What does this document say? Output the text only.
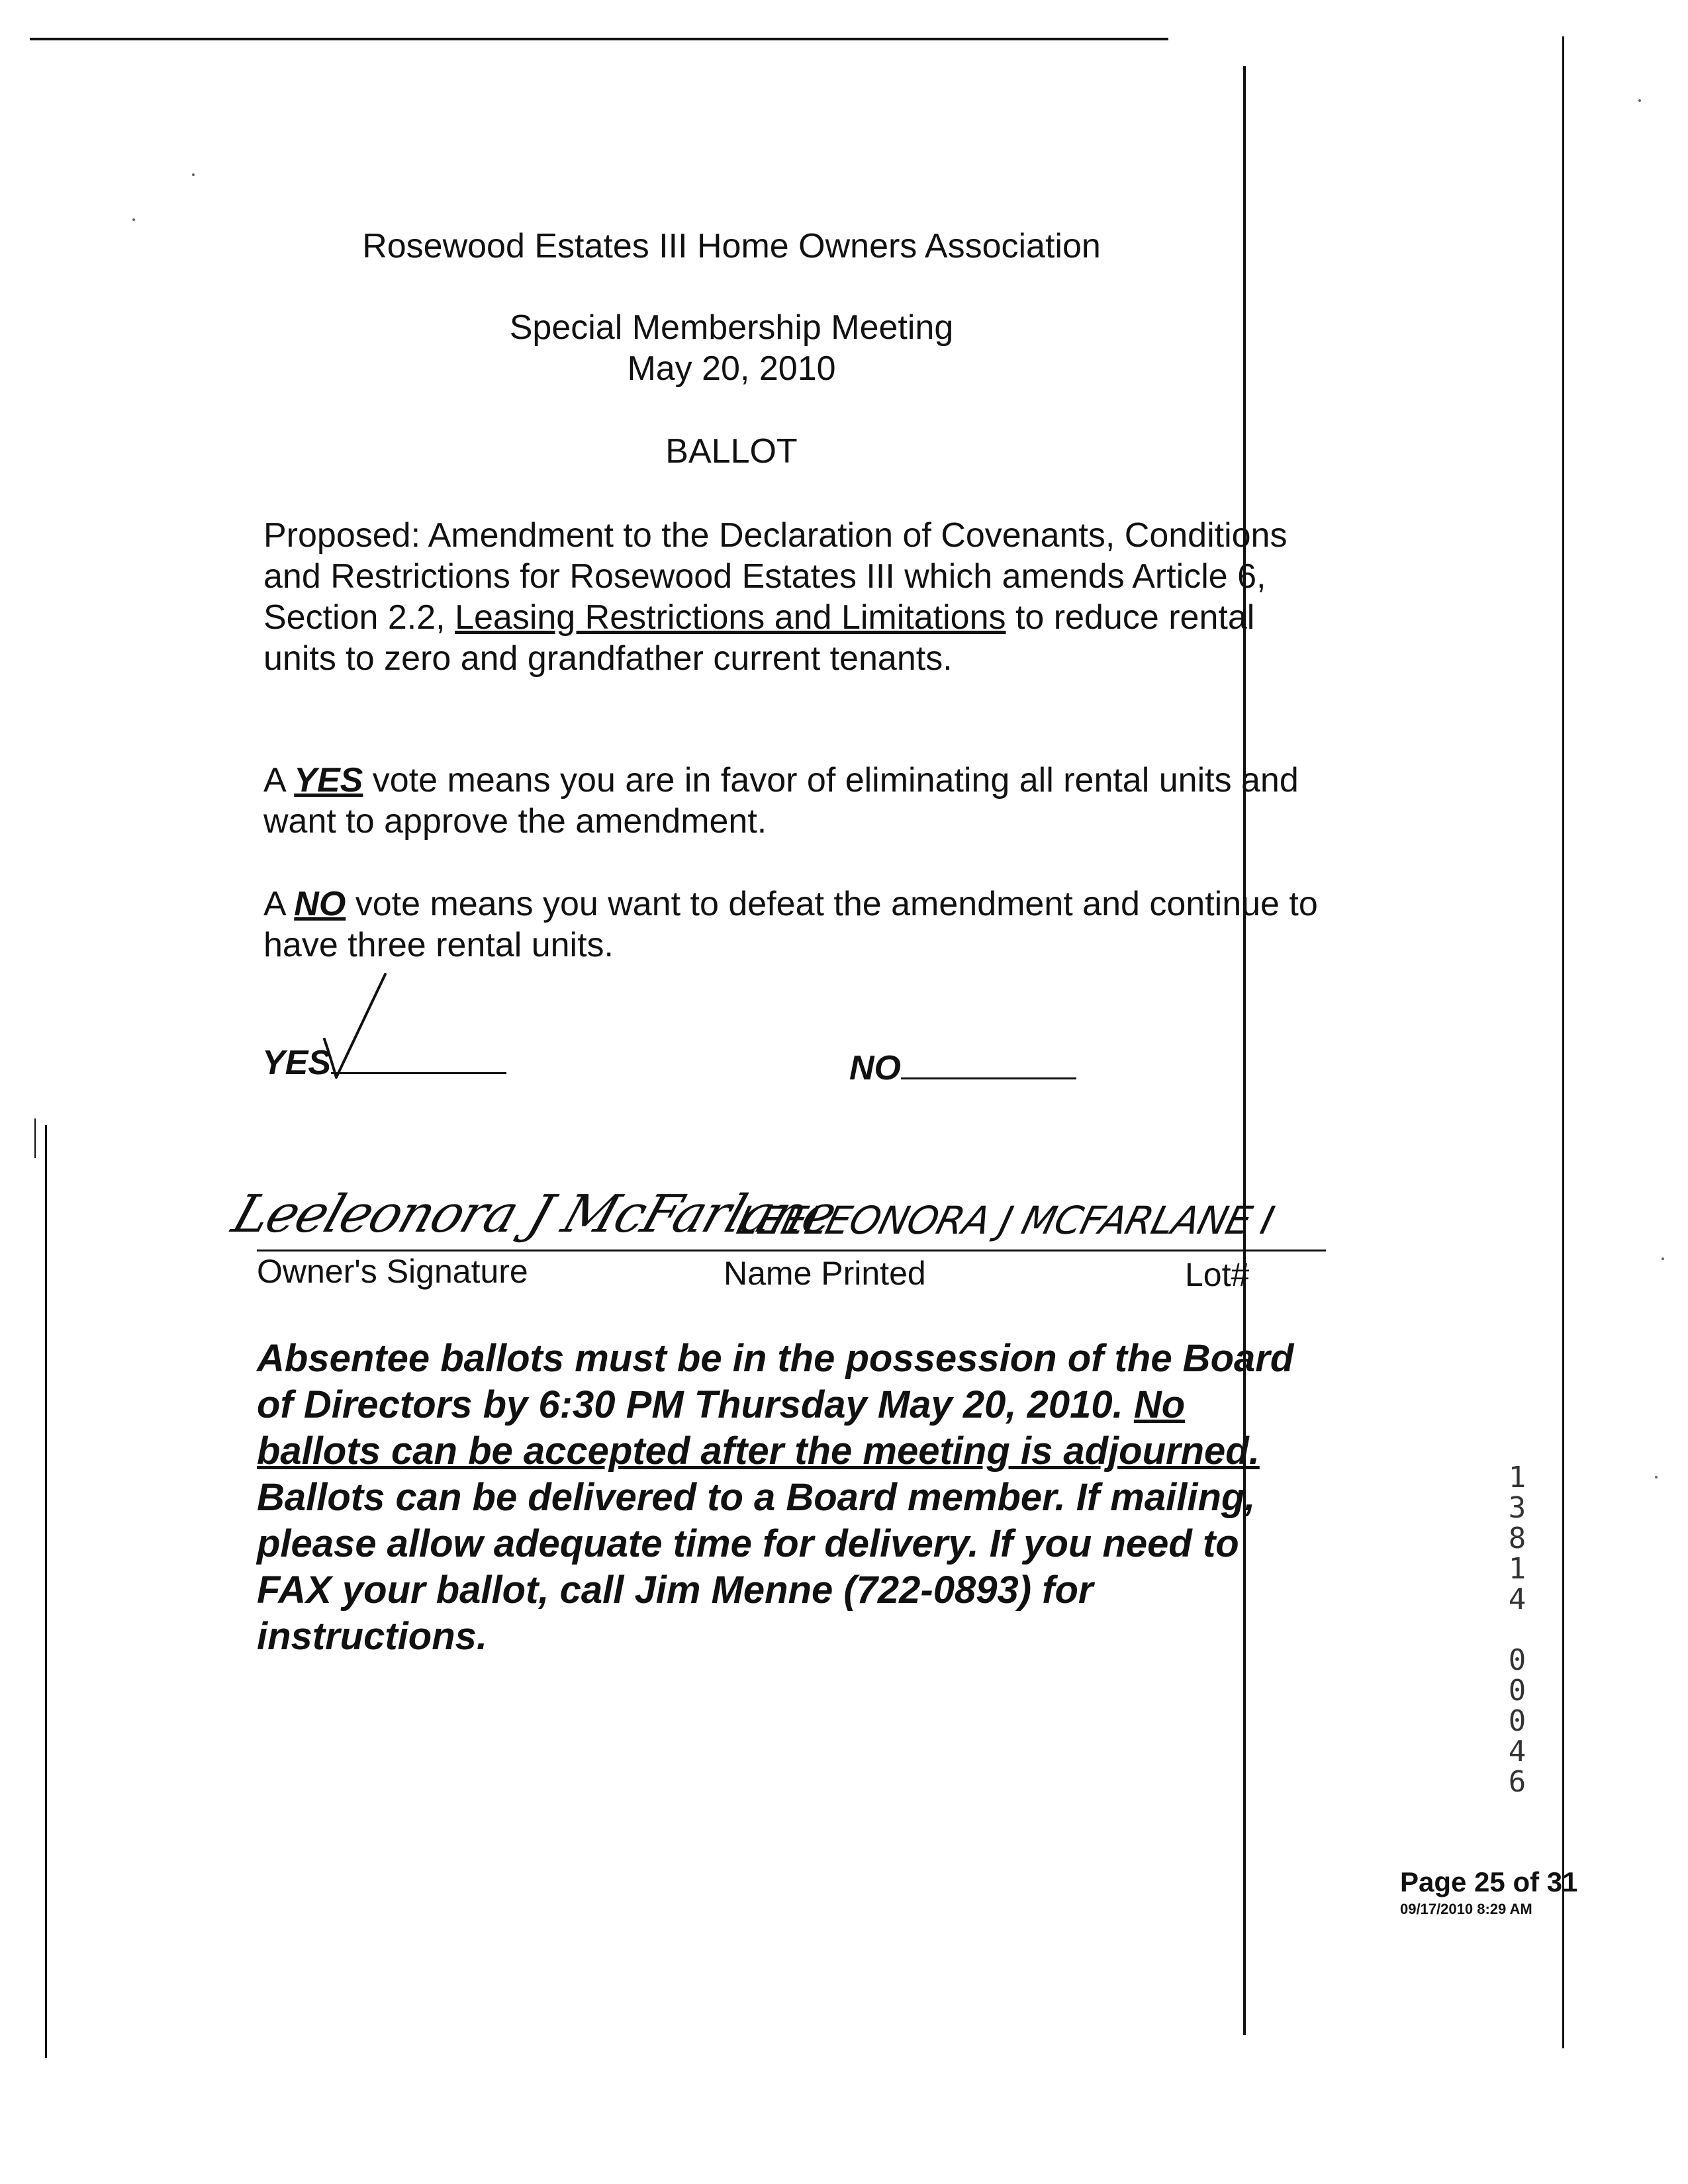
Rosewood Estates III Home Owners Association
Special Membership Meeting
May 20, 2010
BALLOT
Proposed: Amendment to the Declaration of Covenants, Conditions
and Restrictions for Rosewood Estates III which amends Article 6,
Section 2.2, Leasing Restrictions and Limitations to reduce rental
units to zero and grandfather current tenants.
A YES vote means you are in favor of eliminating all rental units and
want to approve the amendment.
A NO vote means you want to defeat the amendment and continue to
have three rental units.
YES	NO
Leeleonora J McFarlane
LEELEONORA J MCFARLANE I
Owner's Signature	Name Printed	Lot#
Absentee ballots must be in the possession of the Board
of Directors by 6:30 PM Thursday May 20, 2010. No
ballots can be accepted after the meeting is adjourned.
Ballots can be delivered to a Board member. If mailing,
please allow adequate time for delivery. If you need to
FAX your ballot, call Jim Menne (722-0893) for
instructions.
1
3
8
1
4

0
0
0
4
6
Page 25 of 31
09/17/2010 8:29 AM
